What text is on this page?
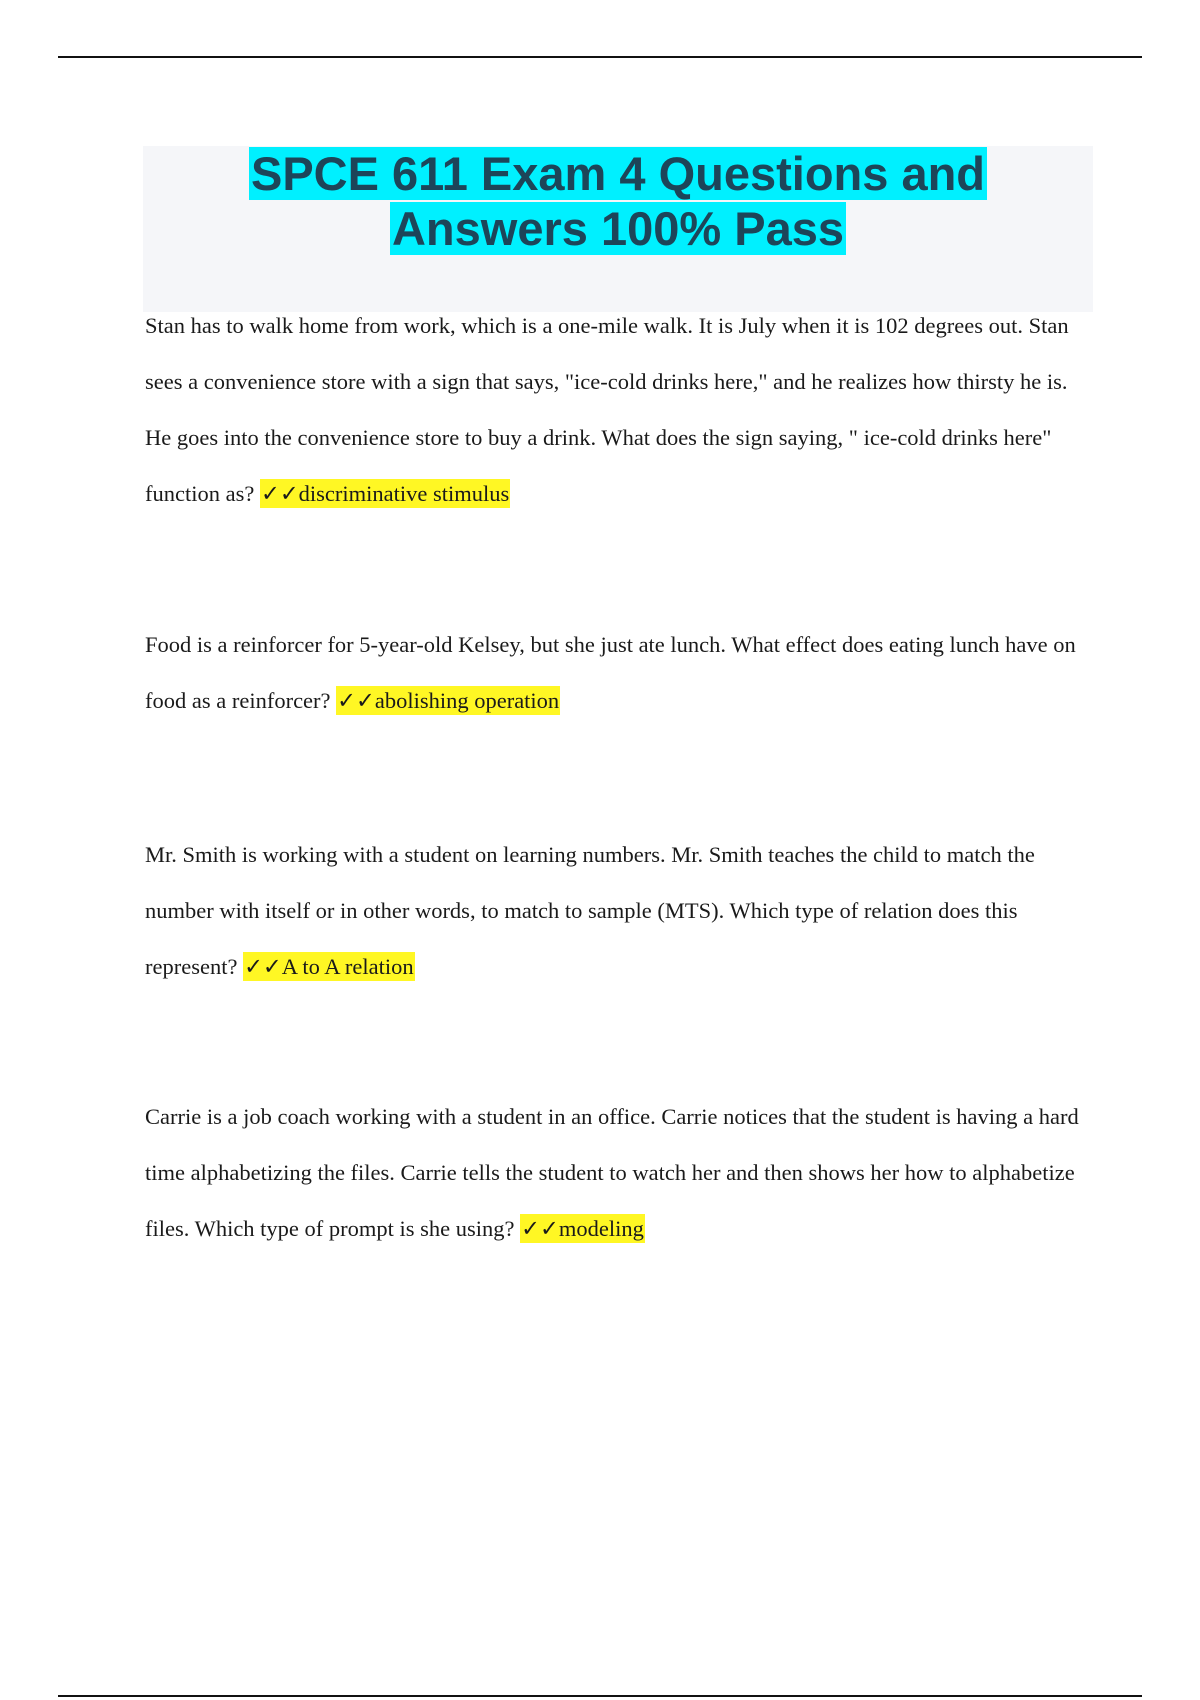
SPCE 611 Exam 4 Questions and
Answers 100% Pass

Stan has to walk home from work, which is a one-mile walk. It is July when it is 102 degrees out. Stan sees a convenience store with a sign that says, "ice-cold drinks here," and he realizes how thirsty he is. He goes into the convenience store to buy a drink. What does the sign saying, " ice-cold drinks here" function as? ✓✓discriminative stimulus

Food is a reinforcer for 5-year-old Kelsey, but she just ate lunch. What effect does eating lunch have on food as a reinforcer? ✓✓abolishing operation

Mr. Smith is working with a student on learning numbers. Mr. Smith teaches the child to match the number with itself or in other words, to match to sample (MTS). Which type of relation does this represent? ✓✓A to A relation

Carrie is a job coach working with a student in an office. Carrie notices that the student is having a hard time alphabetizing the files. Carrie tells the student to watch her and then shows her how to alphabetize files. Which type of prompt is she using? ✓✓modeling
